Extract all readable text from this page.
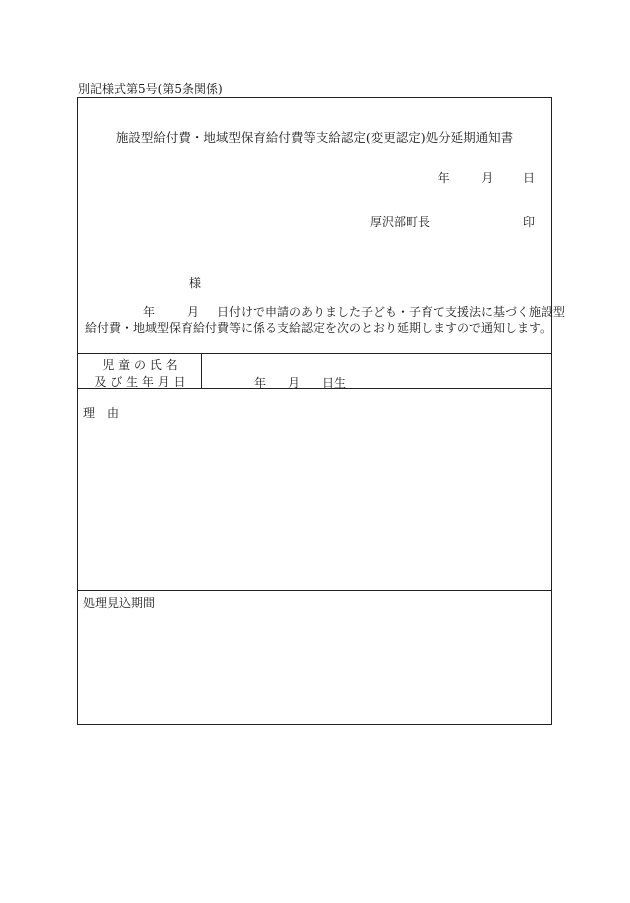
別記様式第5号(第5条関係)
施設型給付費・地域型保育給付費等支給認定(変更認定)処分延期通知書
年	月 日
厚沢部町長	印
様
年	月 日付けで申請のありました子ども・子育て支援法に基づく施設型
給付費・地域型保育給付費等に係る支給認定を次のとおり延期しますので通知します。
児 童 の 氏 名
及 び 生 年 月 日	年 月 日生
理　由
処理見込期間
